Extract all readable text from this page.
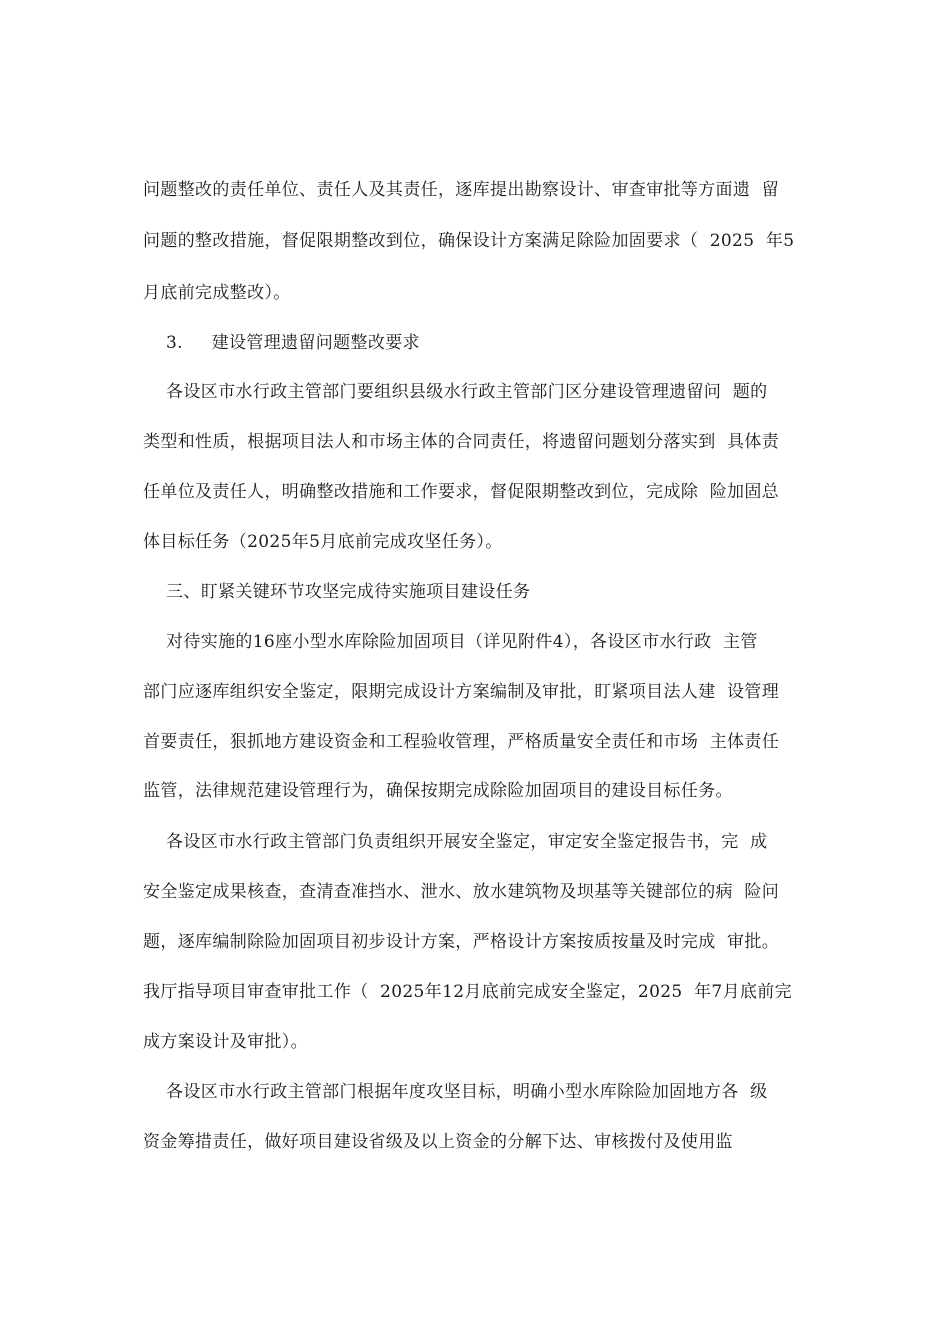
问题整改的责任单位、责任人及其责任，逐库提出勘察设计、审查审批等方面遗  留
问题的整改措施，督促限期整改到位，确保设计方案满足除险加固要求（  2025  年5
月底前完成整改）。
3.     建设管理遗留问题整改要求
各设区市水行政主管部门要组织县级水行政主管部门区分建设管理遗留问  题的
类型和性质，根据项目法人和市场主体的合同责任，将遗留问题划分落实到  具体责
任单位及责任人，明确整改措施和工作要求，督促限期整改到位，完成除  险加固总
体目标任务（2025年5月底前完成攻坚任务）。
三、盯紧关键环节攻坚完成待实施项目建设任务
对待实施的16座小型水库除险加固项目（详见附件4），各设区市水行政  主管
部门应逐库组织安全鉴定，限期完成设计方案编制及审批，盯紧项目法人建  设管理
首要责任，狠抓地方建设资金和工程验收管理，严格质量安全责任和市场  主体责任
监管，法律规范建设管理行为，确保按期完成除险加固项目的建设目标任务。
各设区市水行政主管部门负责组织开展安全鉴定，审定安全鉴定报告书，完  成
安全鉴定成果核查，查清查准挡水、泄水、放水建筑物及坝基等关键部位的病  险问
题，逐库编制除险加固项目初步设计方案，严格设计方案按质按量及时完成  审批。
我厅指导项目审查审批工作（  2025年12月底前完成安全鉴定，2025  年7月底前完
成方案设计及审批）。
各设区市水行政主管部门根据年度攻坚目标，明确小型水库除险加固地方各  级
资金筹措责任，做好项目建设省级及以上资金的分解下达、审核拨付及使用监
